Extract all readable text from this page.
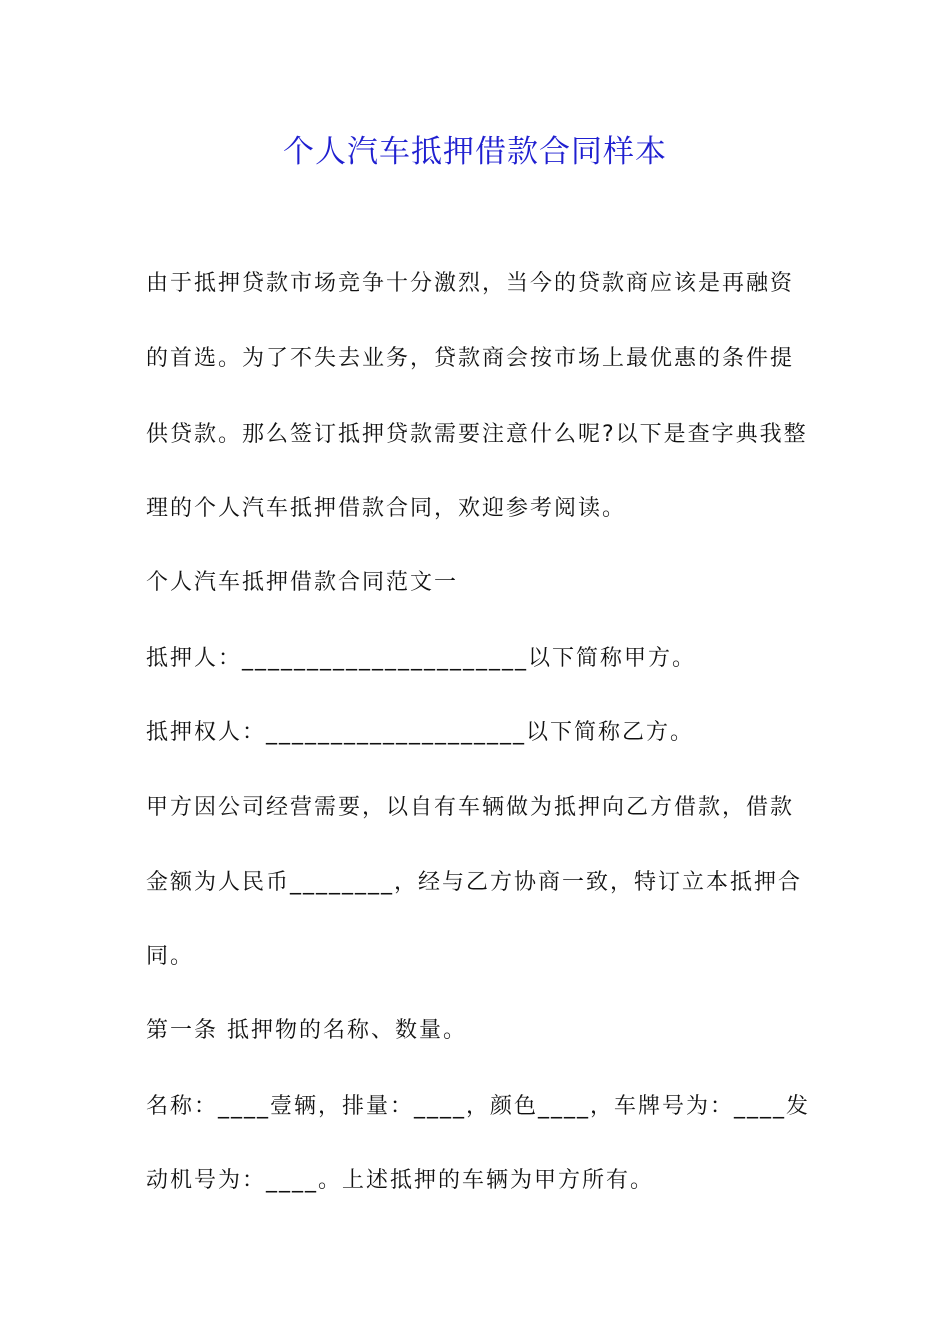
个人汽车抵押借款合同样本
由于抵押贷款市场竞争十分激烈，当今的贷款商应该是再融资
的首选。为了不失去业务，贷款商会按市场上最优惠的条件提
供贷款。那么签订抵押贷款需要注意什么呢?以下是查字典我整
理的个人汽车抵押借款合同，欢迎参考阅读。
个人汽车抵押借款合同范文一
抵押人：______________________以下简称甲方。
抵押权人：____________________以下简称乙方。
甲方因公司经营需要，以自有车辆做为抵押向乙方借款，借款
金额为人民币________，经与乙方协商一致，特订立本抵押合
同。
第一条 抵押物的名称、数量。
名称：____壹辆，排量：____，颜色____，车牌号为：____发
动机号为：____。上述抵押的车辆为甲方所有。
